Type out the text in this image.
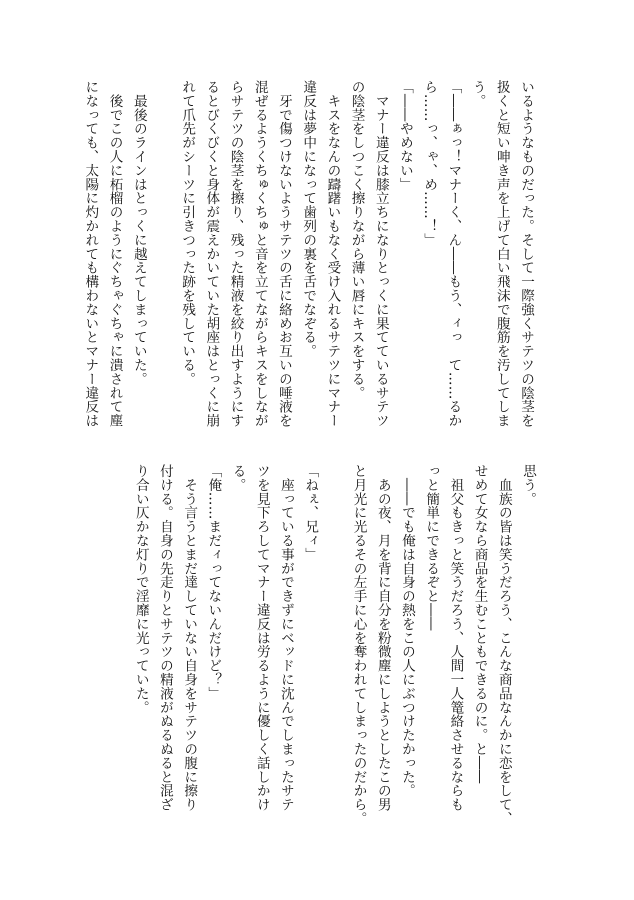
いるようなものだった。そして一際強くサテツの陰茎を

扱くと短い呻き声を上げて白い飛沫で腹筋を汚してしま

う。

「――ぁっ！マナーく、ん――もう、ィっ　て……るか

ら……っ、ゃ、め……！」

「――やめない」

　マナー違反は膝立ちになりとっくに果てているサテツ

の陰茎をしつこく擦りながら薄い唇にキスをする。

　キスをなんの躊躇いもなく受け入れるサテツにマナー

違反は夢中になって歯列の裏を舌でなぞる。

　牙で傷つけないようサテツの舌に絡めお互いの唾液を

混ぜるようくちゅくちゅと音を立てながらキスをしなが

らサテツの陰茎を擦り、残った精液を絞り出すようにす

るとびくびくと身体が震えかいていた胡座はとっくに崩

れて爪先がシーツに引きつった跡を残している。

　最後のラインはとっくに越えてしまっていた。

　後でこの人に柘榴のようにぐちゃぐちゃに潰されて塵

になっても、太陽に灼かれても構わないとマナー違反は

思う。

　血族の皆は笑うだろう、こんな商品なんかに恋をして、

せめて女なら商品を生むこともできるのに。と――

　祖父もきっと笑うだろう、人間一人篭絡させるならも

っと簡単にできるぞと――

　――でも俺は自身の熱をこの人にぶつけたかった。

　あの夜、月を背に自分を粉微塵にしようとしたこの男

と月光に光るその左手に心を奪われてしまったのだから。

「ねぇ、兄ィ」

　座っている事ができずにベッドに沈んでしまったサテ

ツを見下ろしてマナー違反は労るように優しく話しかけ

る。

「俺……まだィってないんだけど？」

　そう言うとまだ達していない自身をサテツの腹に擦り

付ける。自身の先走りとサテツの精液がぬるぬると混ざ

り合い仄かな灯りで淫靡に光っていた。
